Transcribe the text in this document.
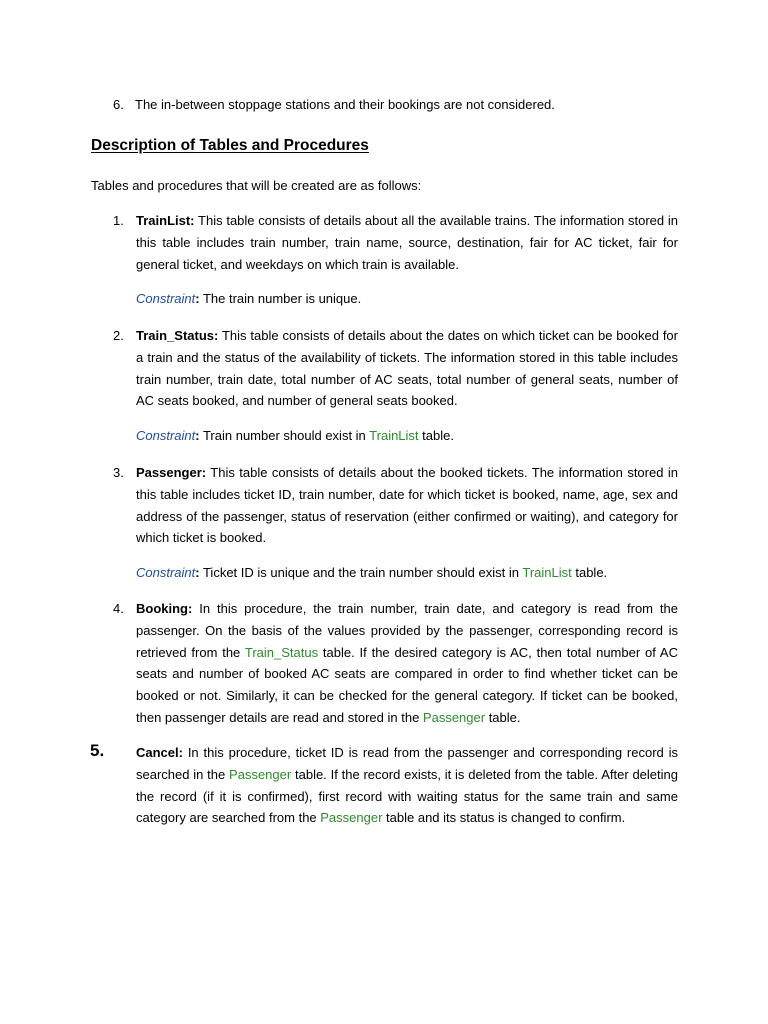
6. The in-between stoppage stations and their bookings are not considered.
Description of Tables and Procedures
Tables and procedures that will be created are as follows:
1. TrainList: This table consists of details about all the available trains. The information stored in this table includes train number, train name, source, destination, fair for AC ticket, fair for general ticket, and weekdays on which train is available.
Constraint: The train number is unique.
2. Train_Status: This table consists of details about the dates on which ticket can be booked for a train and the status of the availability of tickets. The information stored in this table includes train number, train date, total number of AC seats, total number of general seats, number of AC seats booked, and number of general seats booked.
Constraint: Train number should exist in TrainList table.
3. Passenger: This table consists of details about the booked tickets. The information stored in this table includes ticket ID, train number, date for which ticket is booked, name, age, sex and address of the passenger, status of reservation (either confirmed or waiting), and category for which ticket is booked.
Constraint: Ticket ID is unique and the train number should exist in TrainList table.
4. Booking: In this procedure, the train number, train date, and category is read from the passenger. On the basis of the values provided by the passenger, corresponding record is retrieved from the Train_Status table. If the desired category is AC, then total number of AC seats and number of booked AC seats are compared in order to find whether ticket can be booked or not. Similarly, it can be checked for the general category. If ticket can be booked, then passenger details are read and stored in the Passenger table.
5.	Cancel: In this procedure, ticket ID is read from the passenger and corresponding record is searched in the Passenger table. If the record exists, it is deleted from the table. After deleting the record (if it is confirmed), first record with waiting status for the same train and same category are searched from the Passenger table and its status is changed to confirm.
